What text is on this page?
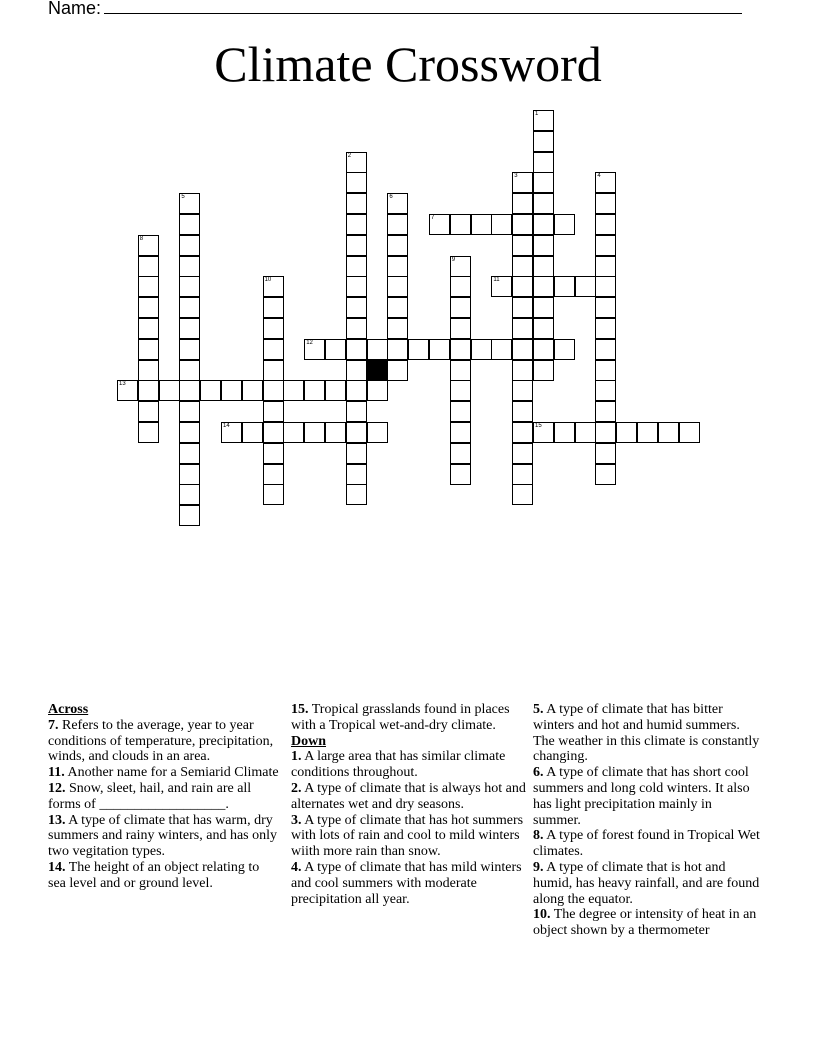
Name:
Climate Crossword
1
2
3	4
5	6
7
8
9
10	11
12
13
14	15
Across
7. Refers to the average, year to year conditions of temperature, precipitation, winds, and clouds in an area.
11. Another name for a Semiarid Climate
12. Snow, sleet, hail, and rain are all forms of __________________.
13. A type of climate that has warm, dry summers and rainy winters, and has only two vegitation types.
14. The height of an object relating to sea level and or ground level.
15. Tropical grasslands found in places with a Tropical wet-and-dry climate.
Down
1. A large area that has similar climate conditions throughout.
2. A type of climate that is always hot and alternates wet and dry seasons.
3. A type of climate that has hot summers with lots of rain and cool to mild winters wiith more rain than snow.
4. A type of climate that has mild winters and cool summers with moderate precipitation all year.
5. A type of climate that has bitter winters and hot and humid summers. The weather in this climate is constantly changing.
6. A type of climate that has short cool summers and long cold winters. It also has light precipitation mainly in summer.
8. A type of forest found in Tropical Wet climates.
9. A type of climate that is hot and humid, has heavy rainfall, and are found along the equator.
10. The degree or intensity of heat in an object shown by a thermometer
